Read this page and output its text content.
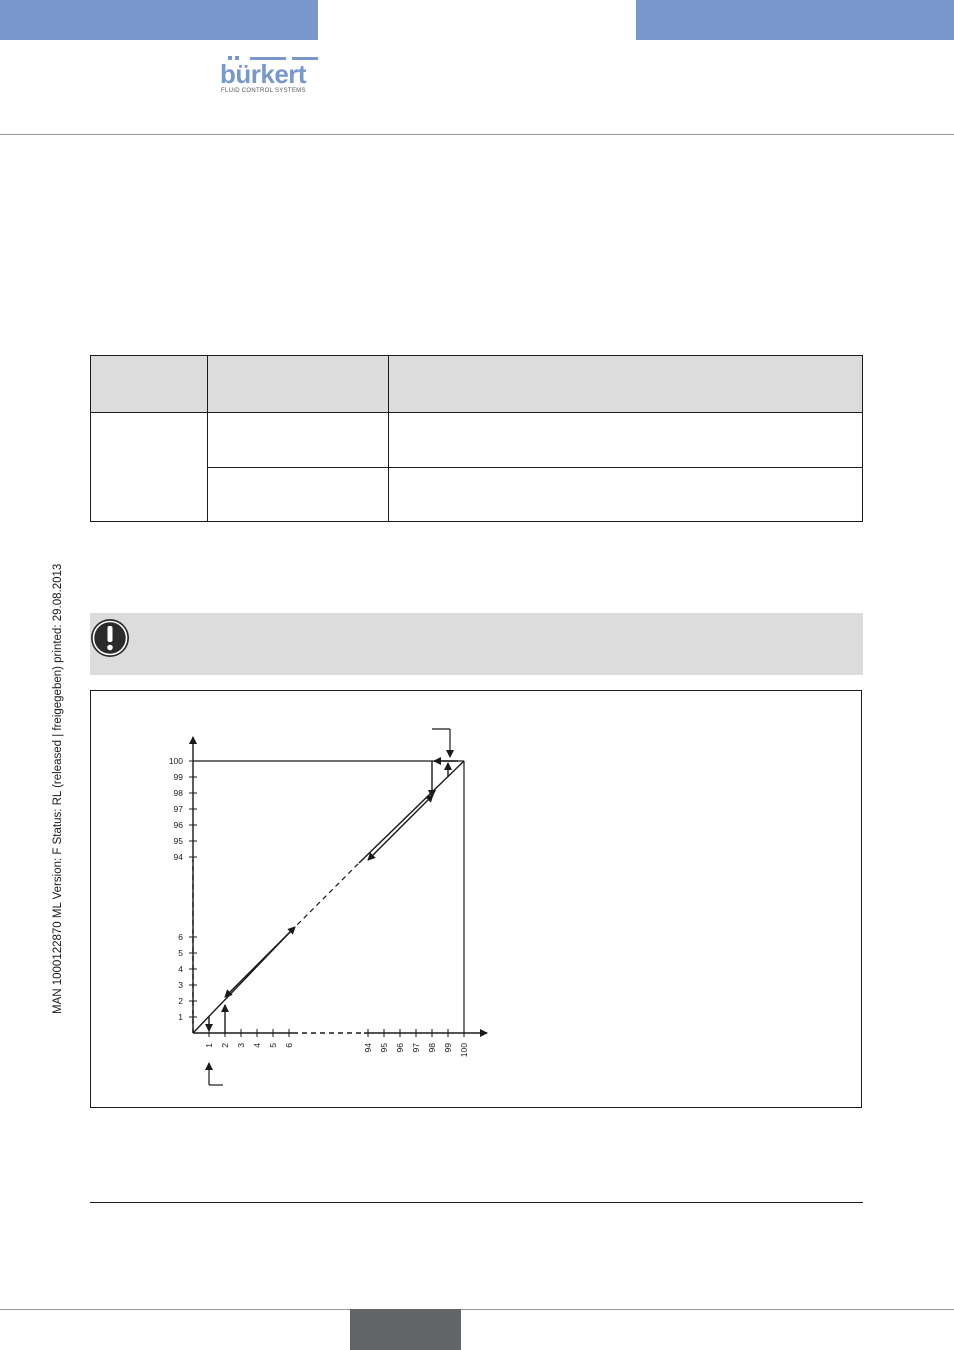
bürkert
FLUID CONTROL SYSTEMS
MAN 1000122870 ML Version: F Status: RL (released | freigegeben) printed: 29.08.2013

1
2
3
4
5
6
94
95
96
97
98
99
100
1 2 3 4 5 6	94 95 96 97 98 99 100
